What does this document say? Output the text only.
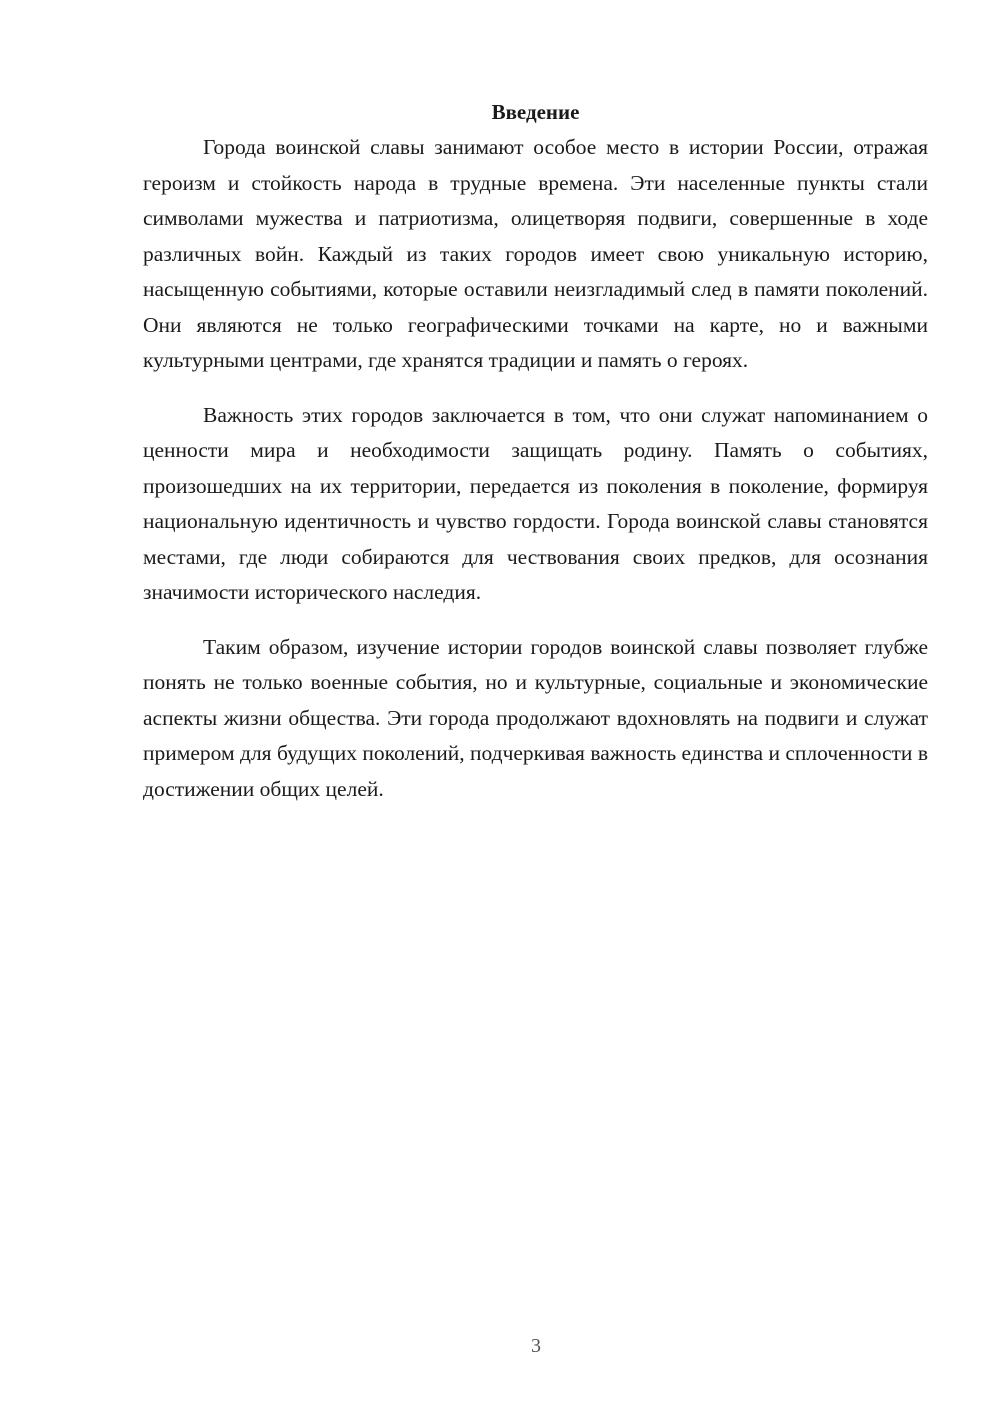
Введение

Города воинской славы занимают особое место в истории России, отражая героизм и стойкость народа в трудные времена. Эти населенные пункты стали символами мужества и патриотизма, олицетворяя подвиги, совершенные в ходе различных войн. Каждый из таких городов имеет свою уникальную историю, насыщенную событиями, которые оставили неизгладимый след в памяти поколений. Они являются не только географическими точками на карте, но и важными культурными центрами, где хранятся традиции и память о героях.

Важность этих городов заключается в том, что они служат напоминанием о ценности мира и необходимости защищать родину. Память о событиях, произошедших на их территории, передается из поколения в поколение, формируя национальную идентичность и чувство гордости. Города воинской славы становятся местами, где люди собираются для чествования своих предков, для осознания значимости исторического наследия.

Таким образом, изучение истории городов воинской славы позволяет глубже понять не только военные события, но и культурные, социальные и экономические аспекты жизни общества. Эти города продолжают вдохновлять на подвиги и служат примером для будущих поколений, подчеркивая важность единства и сплоченности в достижении общих целей.

3
